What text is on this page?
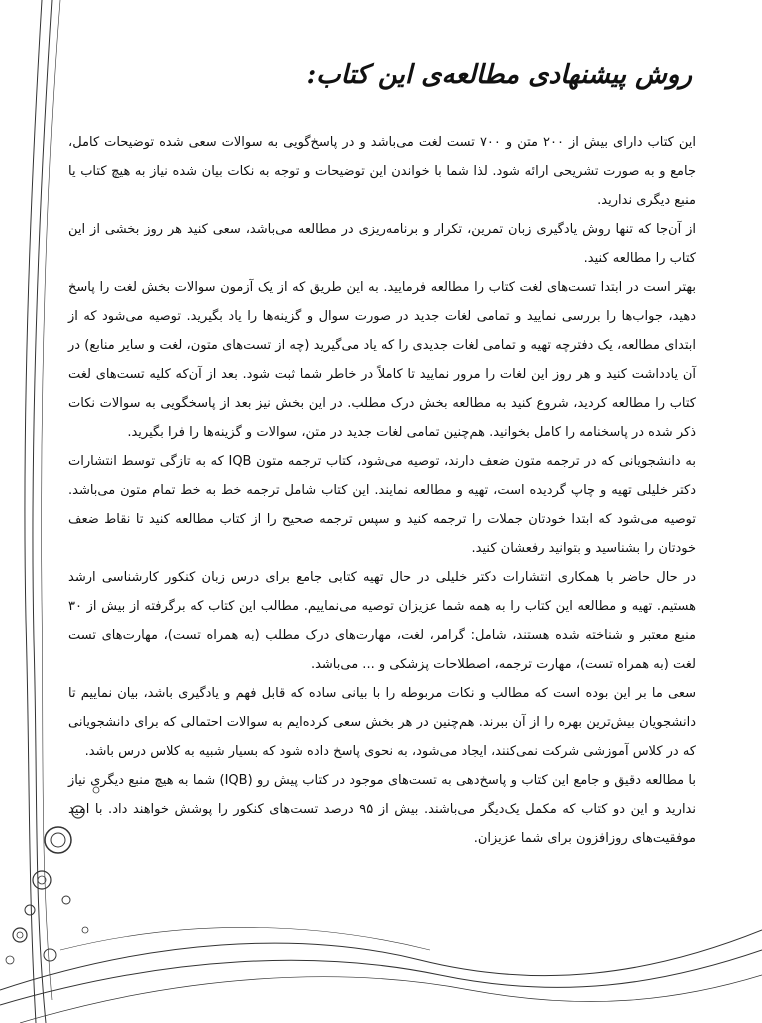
روش پیشنهادی مطالعه‌ی این کتاب:

این کتاب دارای بیش از ۲۰۰ متن و ۷۰۰ تست لغت می‌باشد و در پاسخ‌گویی به سوالات سعی شده توضیحات کامل، جامع و به صورت تشریحی ارائه شود. لذا شما با خواندن این توضیحات و توجه به نکات بیان شده نیاز به هیچ کتاب یا منبع دیگری ندارید.

از آن‌جا که تنها روش یادگیری زبان تمرین، تکرار و برنامه‌ریزی در مطالعه می‌باشد، سعی کنید هر روز بخشی از این کتاب را مطالعه کنید.

بهتر است در ابتدا تست‌های لغت کتاب را مطالعه فرمایید. به این طریق که از یک آزمون سوالات بخش لغت را پاسخ دهید، جواب‌ها را بررسی نمایید و تمامی لغات جدید در صورت سوال و گزینه‌ها را یاد بگیرید. توصیه می‌شود که از ابتدای مطالعه، یک دفترچه تهیه و تمامی لغات جدیدی را که یاد می‌گیرید (چه از تست‌های متون، لغت و سایر منابع) در آن یادداشت کنید و هر روز این لغات را مرور نمایید تا کاملاً در خاطر شما ثبت شود. بعد از آن‌که کلیه تست‌های لغت کتاب را مطالعه کردید، شروع کنید به مطالعه بخش درک مطلب. در این بخش نیز بعد از پاسخگویی به سوالات نکات ذکر شده در پاسخنامه را کامل بخوانید. هم‌چنین تمامی لغات جدید در متن، سوالات و گزینه‌ها را فرا بگیرید.

به دانشجویانی که در ترجمه متون ضعف دارند، توصیه می‌شود، کتاب ترجمه متون IQB که به تازگی توسط انتشارات دکتر خلیلی تهیه و چاپ گردیده است، تهیه و مطالعه نمایند. این کتاب شامل ترجمه خط به خط تمام متون می‌باشد. توصیه می‌شود که ابتدا خودتان جملات را ترجمه کنید و سپس ترجمه صحیح را از کتاب مطالعه کنید تا نقاط ضعف خودتان را بشناسید و بتوانید رفعشان کنید.

در حال حاضر با همکاری انتشارات دکتر خلیلی در حال تهیه کتابی جامع برای درس زبان کنکور کارشناسی ارشد هستیم. تهیه و مطالعه این کتاب را به همه شما عزیزان توصیه می‌نماییم. مطالب این کتاب که برگرفته از بیش از ۳۰ منبع معتبر و شناخته شده هستند، شامل: گرامر، لغت، مهارت‌های درک مطلب (به همراه تست)، مهارت‌های تست لغت (به همراه تست)، مهارت ترجمه، اصطلاحات پزشکی و ... می‌باشد.

سعی ما بر این بوده است که مطالب و نکات مربوطه را با بیانی ساده که قابل فهم و یادگیری باشد، بیان نماییم تا دانشجویان بیش‌ترین بهره را از آن ببرند. هم‌چنین در هر بخش سعی کرده‌ایم به سوالات احتمالی که برای دانشجویانی که در کلاس آموزشی شرکت نمی‌کنند، ایجاد می‌شود، به نحوی پاسخ داده شود که بسیار شبیه به کلاس درس باشد.

با مطالعه دقیق و جامع این کتاب و پاسخ‌دهی به تست‌های موجود در کتاب پیش رو (IQB) شما به هیچ منبع دیگری نیاز ندارید و این دو کتاب که مکمل یک‌دیگر می‌باشند. بیش از ۹۵ درصد تست‌های کنکور را پوشش خواهند داد. با امید موفقیت‌های روزافزون برای شما عزیزان.
